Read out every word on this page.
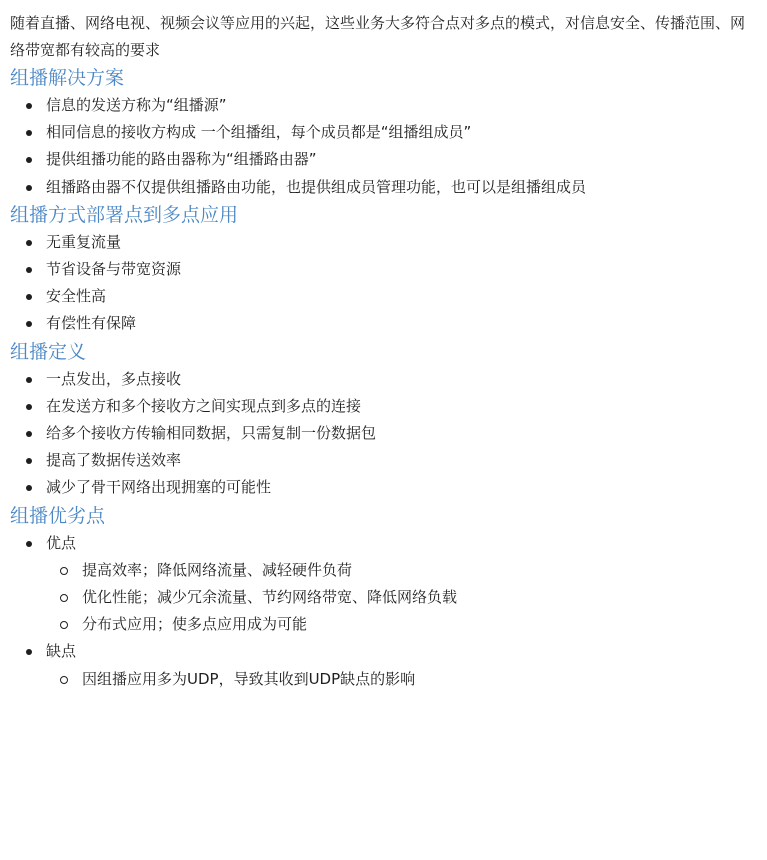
随着直播、网络电视、视频会议等应用的兴起，这些业务大多符合点对多点的模式，对信息安全、传播范围、网络带宽都有较高的要求

组播解决方案
信息的发送方称为“组播源”
相同信息的接收方构成 一个组播组，每个成员都是“组播组成员”
提供组播功能的路由器称为“组播路由器”
组播路由器不仅提供组播路由功能，也提供组成员管理功能，也可以是组播组成员
组播方式部署点到多点应用
无重复流量
节省设备与带宽资源
安全性高
有偿性有保障
组播定义
一点发出，多点接收
在发送方和多个接收方之间实现点到多点的连接
给多个接收方传输相同数据，只需复制一份数据包
提高了数据传送效率
减少了骨干网络出现拥塞的可能性
组播优劣点
优点
提高效率；降低网络流量、减轻硬件负荷
优化性能；减少冗余流量、节约网络带宽、降低网络负载
分布式应用；使多点应用成为可能
缺点
因组播应用多为UDP，导致其收到UDP缺点的影响
